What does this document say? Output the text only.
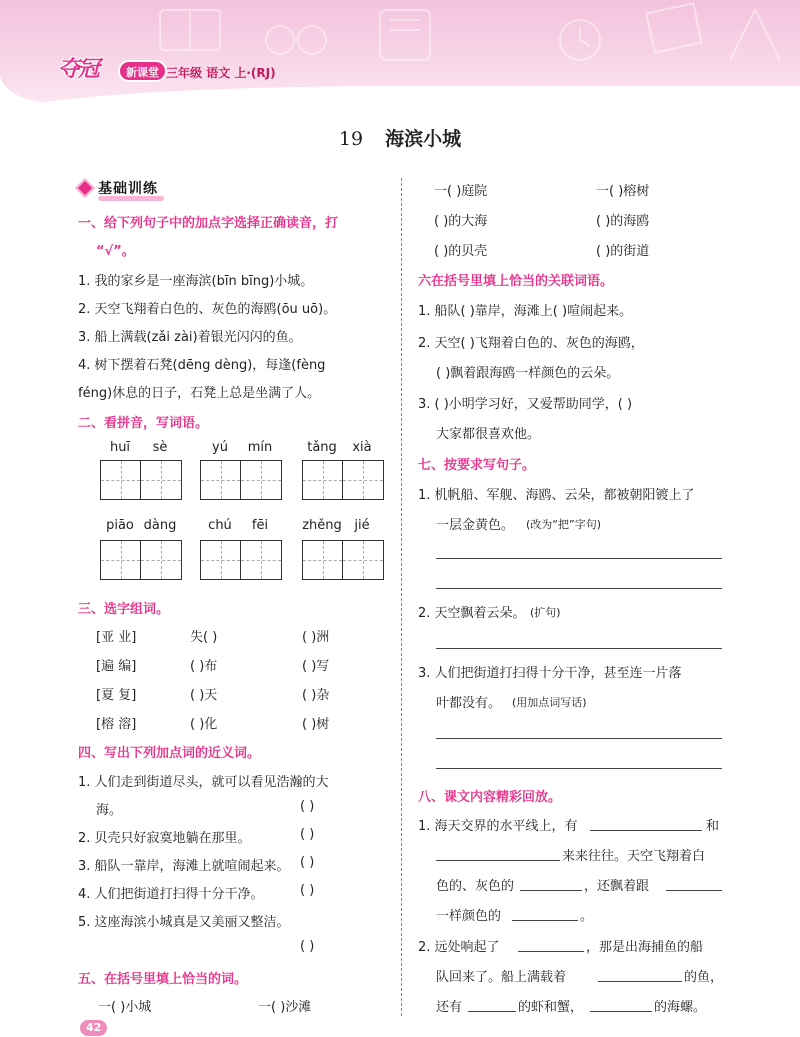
夺冠	新课堂 三年级 语文 上·(RJ)
19 海滨小城
基础训练
一、给下列句子中的加点字选择正确读音，打
“√”。
1. 我的家乡是一座海滨(bīn bīng)小城。
2. 天空飞翔着白色的、灰色的海鸥(ōu uō)。
3. 船上满载(zǎi zài)着银光闪闪的鱼。
4. 树下摆着石凳(dēng dèng)，每逢(fèng
féng)休息的日子，石凳上总是坐满了人。
二、看拼音，写词语。
huī	sè	yú	mín	tǎng	xià
piāo dàng	chú	fēi	zhěng jié
三、选字组词。
[亚 业]	失( )	( )洲
[遍 编]	( )布	( )写
[夏 复]	( )天	( )杂
[榕 溶]	( )化	( )树
四、写出下列加点词的近义词。
1. 人们走到街道尽头，就可以看见浩瀚的大
海。	( )
2. 贝壳只好寂寞地躺在那里。	( )
3. 船队一靠岸，海滩上就喧闹起来。 ( )
4. 人们把街道打扫得十分干净。	( )
5. 这座海滨小城真是又美丽又整洁。
( )
五、在括号里填上恰当的词。
一( )小城	一( )沙滩
42
一( )庭院	一( )榕树
( )的大海	( )的海鸥
( )的贝壳	( )的街道
六在括号里填上恰当的关联词语。
1. 船队( )靠岸，海滩上( )喧闹起来。
2. 天空( )飞翔着白色的、灰色的海鸥，
( )飘着跟海鸥一样颜色的云朵。
3. ( )小明学习好，又爱帮助同学，( )
大家都很喜欢他。
七、按要求写句子。
1. 机帆船、军舰、海鸥、云朵，都被朝阳镀上了
一层金黄色。 (改为“把”字句)
2. 天空飘着云朵。 (扩句)
3. 人们把街道打扫得十分干净，甚至连一片落
叶都没有。 (用加点词写话)
八、课文内容精彩回放。
1. 海天交界的水平线上，有	和
来来往往。天空飞翔着白
色的、灰色的	，还飘着跟
一样颜色的	。
2. 远处响起了	，那是出海捕鱼的船
队回来了。船上满载着	的鱼，
还有	的虾和蟹，	的海螺。
